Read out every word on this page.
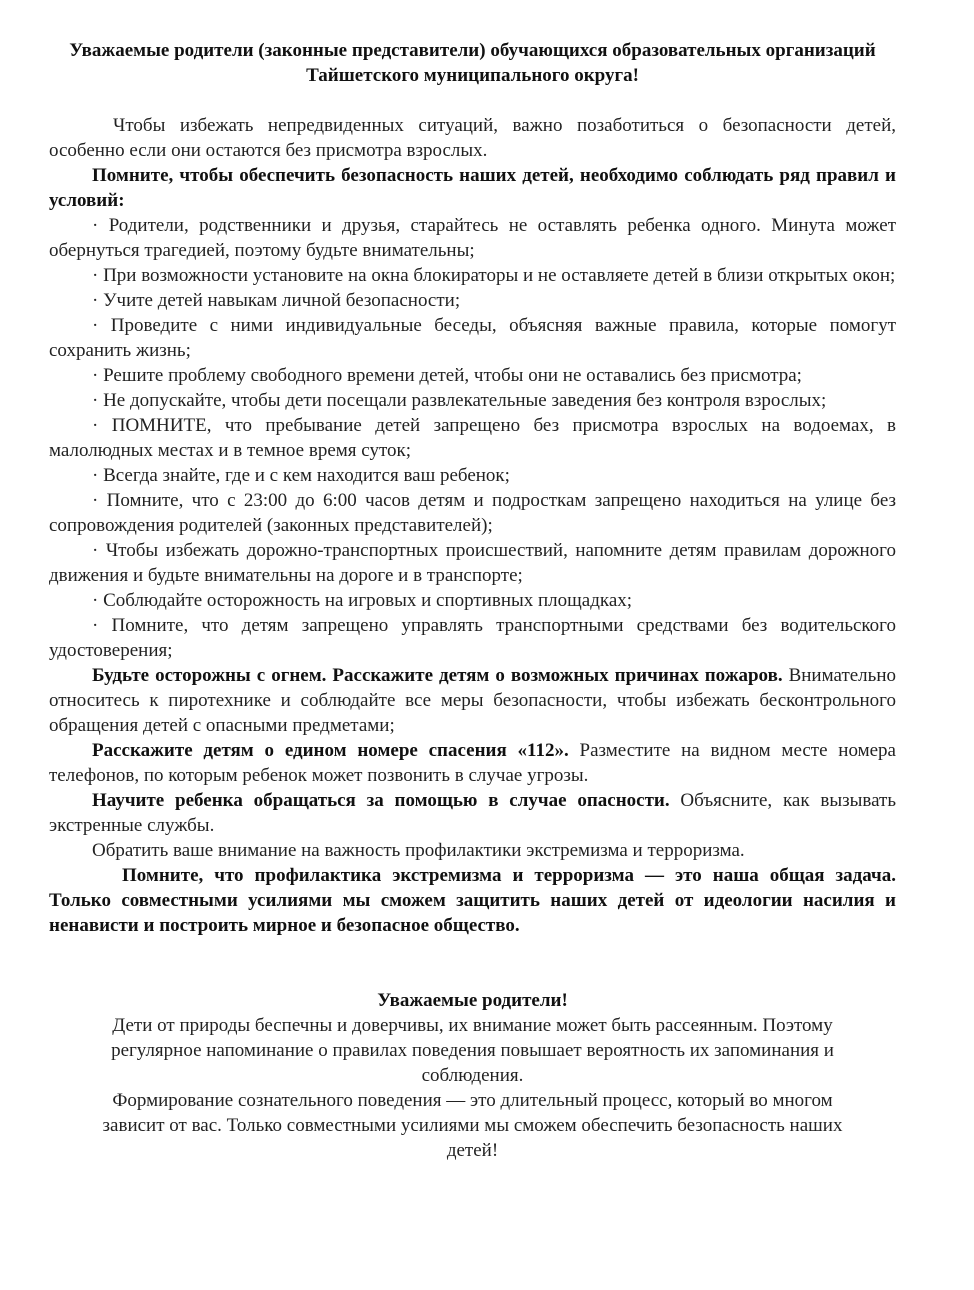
Уважаемые родители (законные представители) обучающихся образовательных организаций Тайшетского муниципального округа!

Чтобы избежать непредвиденных ситуаций, важно позаботиться о безопасности детей, особенно если они остаются без присмотра взрослых.

Помните, чтобы обеспечить безопасность наших детей, необходимо соблюдать ряд правил и условий:

· Родители, родственники и друзья, старайтесь не оставлять ребенка одного. Минута может обернуться трагедией, поэтому будьте внимательны;

· При возможности установите на окна блокираторы и не оставляете детей в близи открытых окон;

· Учите детей навыкам личной безопасности;

· Проведите с ними индивидуальные беседы, объясняя важные правила, которые помогут сохранить жизнь;

· Решите проблему свободного времени детей, чтобы они не оставались без присмотра;

· Не допускайте, чтобы дети посещали развлекательные заведения без контроля взрослых;

· ПОМНИТЕ, что пребывание детей запрещено без присмотра взрослых на водоемах, в малолюдных местах и в темное время суток;

· Всегда знайте, где и с кем находится ваш ребенок;

· Помните, что с 23:00 до 6:00 часов детям и подросткам запрещено находиться на улице без сопровождения родителей (законных представителей);

· Чтобы избежать дорожно-транспортных происшествий, напомните детям правилам дорожного движения и будьте внимательны на дороге и в транспорте;

· Соблюдайте осторожность на игровых и спортивных площадках;

· Помните, что детям запрещено управлять транспортными средствами без водительского удостоверения;

Будьте осторожны с огнем. Расскажите детям о возможных причинах пожаров. Внимательно относитесь к пиротехнике и соблюдайте все меры безопасности, чтобы избежать бесконтрольного обращения детей с опасными предметами;

Расскажите детям о едином номере спасения «112». Разместите на видном месте номера телефонов, по которым ребенок может позвонить в случае угрозы.

Научите ребенка обращаться за помощью в случае опасности. Объясните, как вызывать экстренные службы.

Обратить ваше внимание на важность профилактики экстремизма и терроризма.

Помните, что профилактика экстремизма и терроризма — это наша общая задача. Только совместными усилиями мы сможем защитить наших детей от идеологии насилия и ненависти и построить мирное и безопасное общество.

Уважаемые родители!

Дети от природы беспечны и доверчивы, их внимание может быть рассеянным. Поэтому регулярное напоминание о правилах поведения повышает вероятность их запоминания и соблюдения.

Формирование сознательного поведения — это длительный процесс, который во многом зависит от вас. Только совместными усилиями мы сможем обеспечить безопасность наших детей!
